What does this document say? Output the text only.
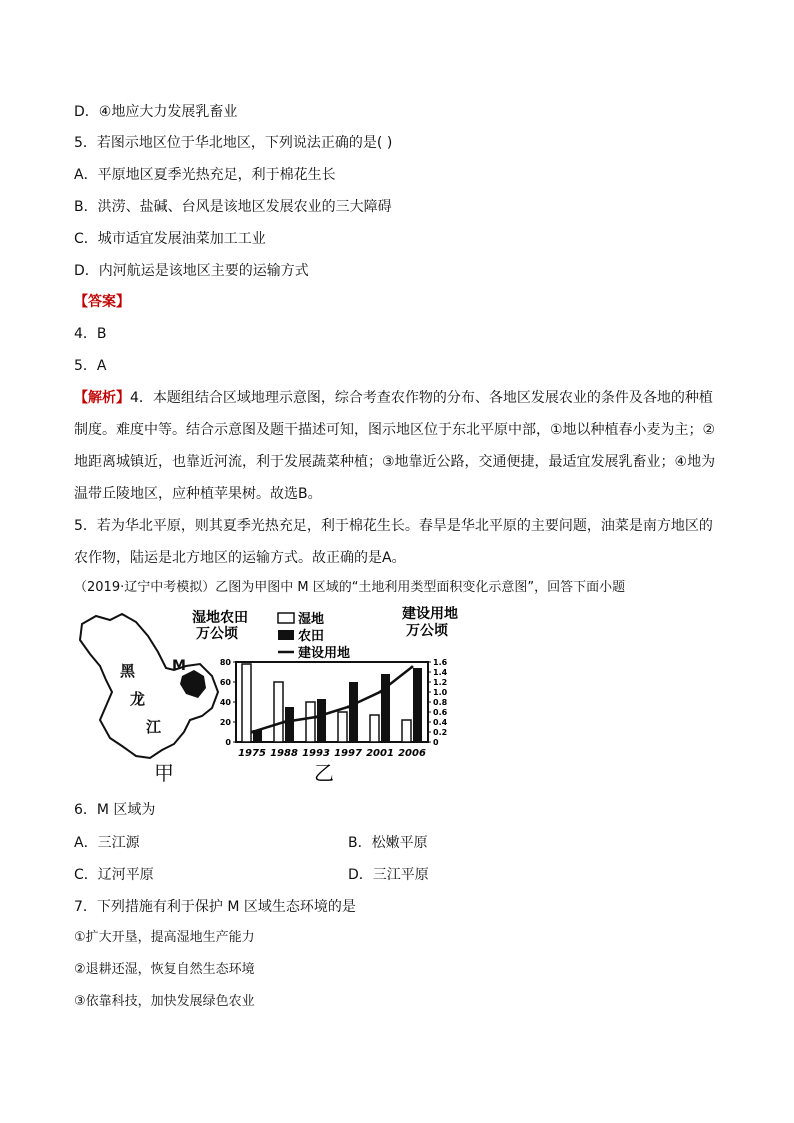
D．④地应大力发展乳畜业
5．若图示地区位于华北地区，下列说法正确的是( )
A．平原地区夏季光热充足，利于棉花生长
B．洪涝、盐碱、台风是该地区发展农业的三大障碍
C．城市适宜发展油菜加工工业
D．内河航运是该地区主要的运输方式
【答案】
4．B
5．A
【解析】4．本题组结合区域地理示意图，综合考查农作物的分布、各地区发展农业的条件及各地的种植制度。难度中等。结合示意图及题干描述可知，图示地区位于东北平原中部，①地以种植春小麦为主；②地距离城镇近，也靠近河流，利于发展蔬菜种植；③地靠近公路，交通便捷，最适宜发展乳畜业；④地为温带丘陵地区，应种植苹果树。故选B。
5．若为华北平原，则其夏季光热充足，利于棉花生长。春旱是华北平原的主要问题，油菜是南方地区的农作物，陆运是北方地区的运输方式。故正确的是A。
（2019·辽宁中考模拟）乙图为甲图中 M 区域的“土地利用类型面积变化示意图”，回答下面小题
黑
龙
江
M
甲
湿地农田
万公顷
建设用地
万公顷
湿地
农田
建设用地
80
60
40
20
0
1.6
1.4
1.2
1.0
0.8
0.6
0.4
0.2
0
1975 1988 1993 1997 2001 2006
乙
6．M 区域为
A．三江源	B．松嫩平原
C．辽河平原	D．三江平原
7．下列措施有利于保护 M 区域生态环境的是
①扩大开垦，提高湿地生产能力
②退耕还湿，恢复自然生态环境
③依靠科技，加快发展绿色农业
